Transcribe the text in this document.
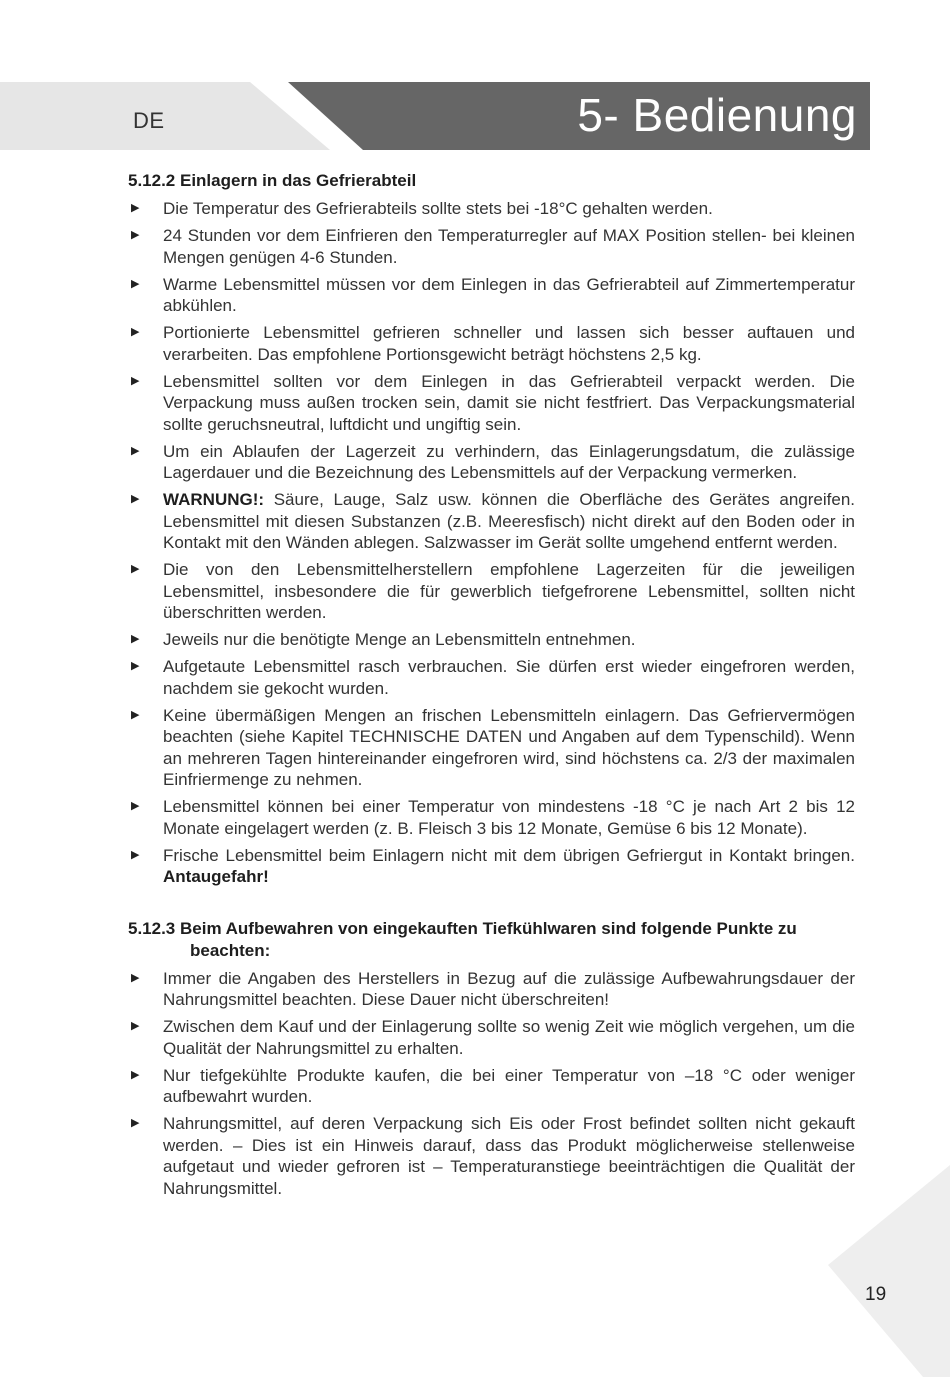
DE	5- Bedienung
5.12.2 Einlagern in das Gefrierabteil
▶ Die Temperatur des Gefrierabteils sollte stets bei -18°C gehalten werden.
▶ 24 Stunden vor dem Einfrieren den Temperaturregler auf MAX Position stellen- bei kleinen Mengen genügen 4-6 Stunden.
▶ Warme Lebensmittel müssen vor dem Einlegen in das Gefrierabteil auf Zimmertemperatur abkühlen.
▶ Portionierte Lebensmittel gefrieren schneller und lassen sich besser auftauen und verarbeiten. Das empfohlene Portionsgewicht beträgt höchstens 2,5 kg.
▶ Lebensmittel sollten vor dem Einlegen in das Gefrierabteil verpackt werden. Die Verpackung muss außen trocken sein, damit sie nicht festfriert. Das Verpackungsmaterial sollte geruchsneutral, luftdicht und ungiftig sein.
▶ Um ein Ablaufen der Lagerzeit zu verhindern, das Einlagerungsdatum, die zulässige Lagerdauer und die Bezeichnung des Lebensmittels auf der Verpackung vermerken.
▶ WARNUNG!: Säure, Lauge, Salz usw. können die Oberfläche des Gerätes angreifen. Lebensmittel mit diesen Substanzen (z.B. Meeresfisch) nicht direkt auf den Boden oder in Kontakt mit den Wänden ablegen. Salzwasser im Gerät sollte umgehend entfernt werden.
▶ Die von den Lebensmittelherstellern empfohlene Lagerzeiten für die jeweiligen Lebensmittel, insbesondere die für gewerblich tiefgefrorene Lebensmittel, sollten nicht überschritten werden.
▶ Jeweils nur die benötigte Menge an Lebensmitteln entnehmen.
▶ Aufgetaute Lebensmittel rasch verbrauchen. Sie dürfen erst wieder eingefroren werden, nachdem sie gekocht wurden.
▶ Keine übermäßigen Mengen an frischen Lebensmitteln einlagern. Das Gefriervermögen beachten (siehe Kapitel TECHNISCHE DATEN und Angaben auf dem Typenschild). Wenn an mehreren Tagen hintereinander eingefroren wird, sind höchstens ca. 2/3 der maximalen Einfriermenge zu nehmen.
▶ Lebensmittel können bei einer Temperatur von mindestens -18 °C je nach Art 2 bis 12 Monate eingelagert werden (z. B. Fleisch 3 bis 12 Monate, Gemüse 6 bis 12 Monate).
▶ Frische Lebensmittel beim Einlagern nicht mit dem übrigen Gefriergut in Kontakt bringen. Antaugefahr!
5.12.3 Beim Aufbewahren von eingekauften Tiefkühlwaren sind folgende Punkte zu beachten:
▶ Immer die Angaben des Herstellers in Bezug auf die zulässige Aufbewahrungsdauer der Nahrungsmittel beachten. Diese Dauer nicht überschreiten!
▶ Zwischen dem Kauf und der Einlagerung sollte so wenig Zeit wie möglich vergehen, um die Qualität der Nahrungsmittel zu erhalten.
▶ Nur tiefgekühlte Produkte kaufen, die bei einer Temperatur von –18 °C oder weniger aufbewahrt wurden.
▶ Nahrungsmittel, auf deren Verpackung sich Eis oder Frost befindet sollten nicht gekauft werden. – Dies ist ein Hinweis darauf, dass das Produkt möglicherweise stellenweise aufgetaut und wieder gefroren ist – Temperaturanstiege beeinträchtigen die Qualität der Nahrungsmittel.
19
